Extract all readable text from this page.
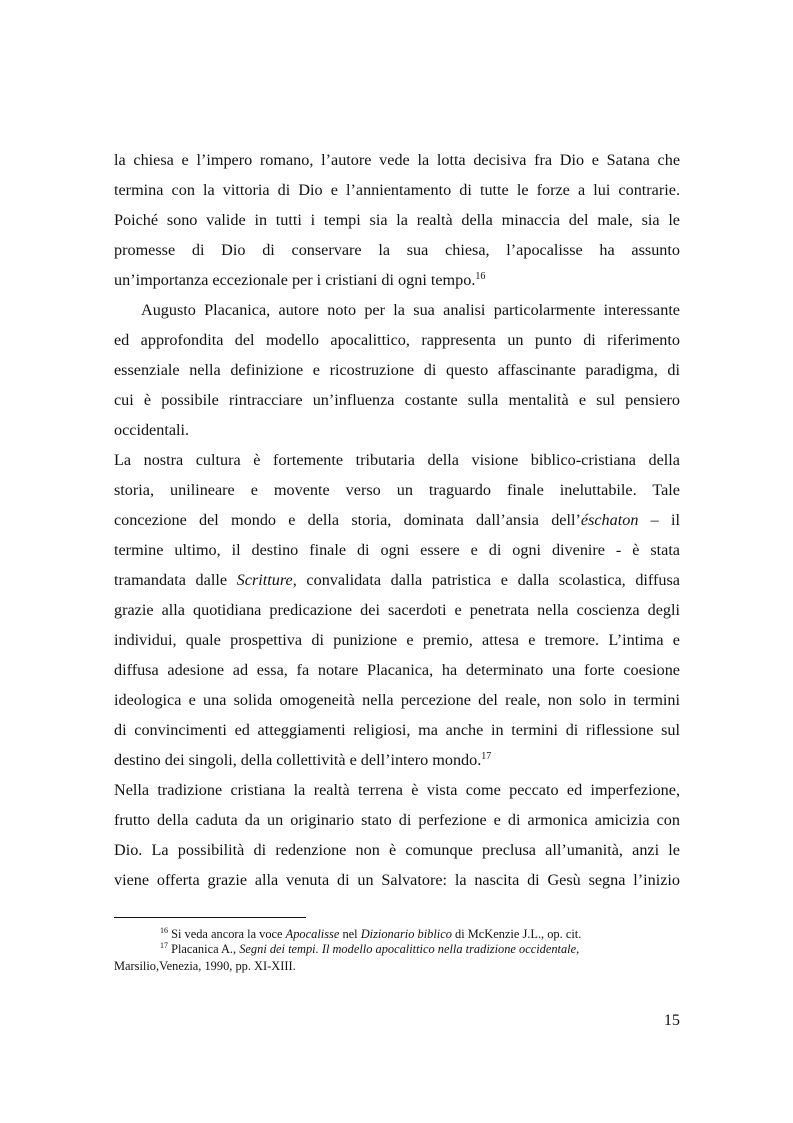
la chiesa e l’impero romano, l’autore vede la lotta decisiva fra Dio e Satana che
termina con la vittoria di Dio e l’annientamento di tutte le forze a lui contrarie.
Poiché sono valide in tutti i tempi sia la realtà della minaccia del male, sia le
promesse di Dio di conservare la sua chiesa, l’apocalisse ha assunto
un’importanza eccezionale per i cristiani di ogni tempo.$^{16}$
Augusto Placanica, autore noto per la sua analisi particolarmente interessante
ed approfondita del modello apocalittico, rappresenta un punto di riferimento
essenziale nella definizione e ricostruzione di questo affascinante paradigma, di
cui è possibile rintracciare un’influenza costante sulla mentalità e sul pensiero
occidentali.
La nostra cultura è fortemente tributaria della visione biblico-cristiana della
storia, unilineare e movente verso un traguardo finale ineluttabile. Tale
concezione del mondo e della storia, dominata dall’ansia dell’éschaton – il
termine ultimo, il destino finale di ogni essere e di ogni divenire - è stata
tramandata dalle Scritture, convalidata dalla patristica e dalla scolastica, diffusa
grazie alla quotidiana predicazione dei sacerdoti e penetrata nella coscienza degli
individui, quale prospettiva di punizione e premio, attesa e tremore. L’intima e
diffusa adesione ad essa, fa notare Placanica, ha determinato una forte coesione
ideologica e una solida omogeneità nella percezione del reale, non solo in termini
di convincimenti ed atteggiamenti religiosi, ma anche in termini di riflessione sul
destino dei singoli, della collettività e dell’intero mondo.$^{17}$
Nella tradizione cristiana la realtà terrena è vista come peccato ed imperfezione,
frutto della caduta da un originario stato di perfezione e di armonica amicizia con
Dio. La possibilità di redenzione non è comunque preclusa all’umanità, anzi le
viene offerta grazie alla venuta di un Salvatore: la nascita di Gesù segna l’inizio
$^{16}$ Si veda ancora la voce Apocalisse nel Dizionario biblico di McKenzie J.L., op. cit.
$^{17}$ Placanica A., Segni dei tempi. Il modello apocalittico nella tradizione occidentale,
Marsilio,Venezia, 1990, pp. XI-XIII.
15
